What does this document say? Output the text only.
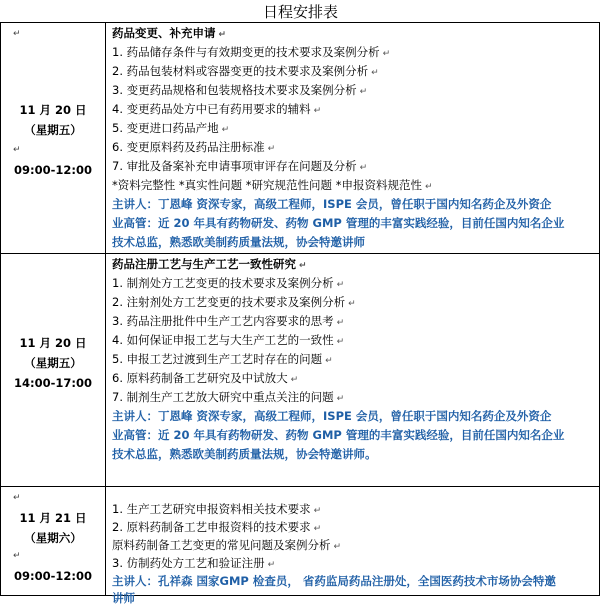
日程安排表
↵
11 月 20 日
（星期五）
↵
09:00-12:00
药品变更、补充申请 ↵
1. 药品储存条件与有效期变更的技术要求及案例分析 ↵
2. 药品包装材料或容器变更的技术要求及案例分析 ↵
3. 变更药品规格和包装规格技术要求及案例分析 ↵
4. 变更药品处方中已有药用要求的辅料 ↵
5. 变更进口药品产地 ↵
6. 变更原料药及药品注册标准 ↵
7. 审批及备案补充申请事项审评存在问题及分析 ↵
*资料完整性 *真实性问题 *研究规范性问题 *申报资料规范性 ↵
主讲人：丁恩峰 资深专家，高级工程师，ISPE 会员，曾任职于国内知名药企及外资企
业高管：近 20 年具有药物研发、药物 GMP 管理的丰富实践经验，目前任国内知名企业
技术总监，熟悉欧美制药质量法规，协会特邀讲师
11 月 20 日
（星期五）
14:00-17:00
药品注册工艺与生产工艺一致性研究 ↵
1. 制剂处方工艺变更的技术要求及案例分析 ↵
2. 注射剂处方工艺变更的技术要求及案例分析 ↵
3. 药品注册批件中生产工艺内容要求的思考 ↵
4. 如何保证申报工艺与大生产工艺的一致性 ↵
5. 申报工艺过渡到生产工艺时存在的问题 ↵
6. 原料药制备工艺研究及中试放大 ↵
7. 制剂生产工艺放大研究中重点关注的问题 ↵
主讲人：丁恩峰 资深专家，高级工程师，ISPE 会员，曾任职于国内知名药企及外资企
业高管：近 20 年具有药物研发、药物 GMP 管理的丰富实践经验，目前任国内知名企业
技术总监，熟悉欧美制药质量法规，协会特邀讲师。
↵
11 月 21 日
（星期六）
↵
09:00-12:00
1. 生产工艺研究申报资料相关技术要求 ↵
2. 原料药制备工艺申报资料的技术要求 ↵
原料药制备工艺变更的常见问题及案例分析 ↵
3. 仿制药处方工艺和验证注册 ↵
主讲人：孔祥森 国家GMP 检查员， 省药监局药品注册处，全国医药技术市场协会特邀
讲师
